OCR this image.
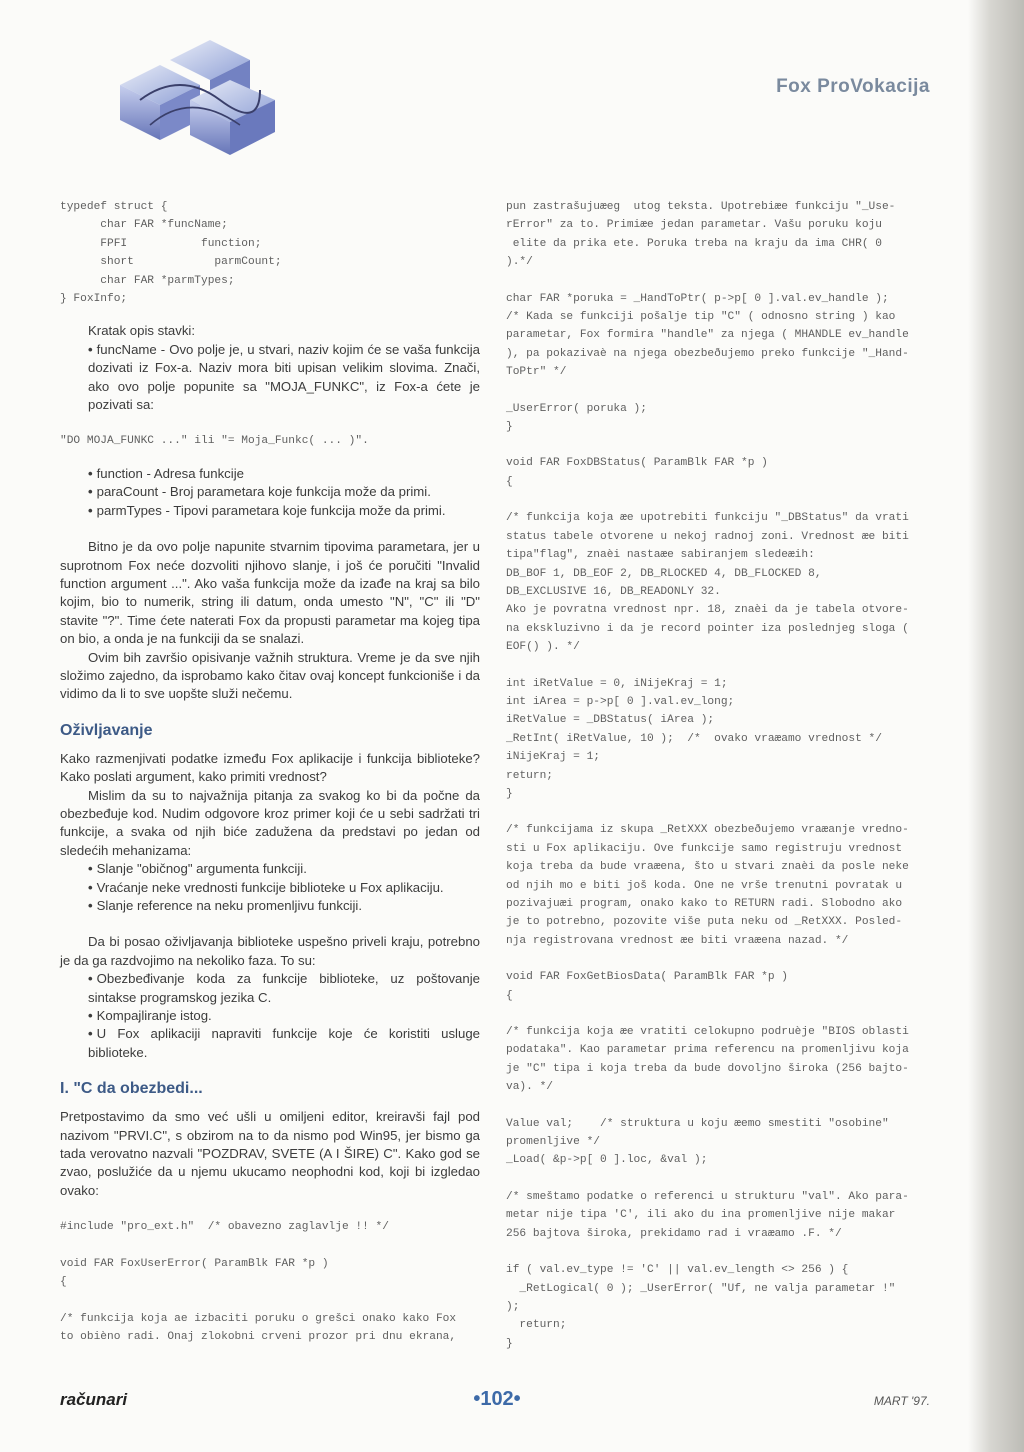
Fox ProVokacija
typedef struct {
char FAR *funcName;
FPFI           function;
short            parmCount;
char FAR *parmTypes;
} FoxInfo;

Kratak opis stavki:

• funcName - Ovo polje je, u stvari, naziv kojim će se vaša funkcija dozivati iz Fox-a. Naziv mora biti upisan velikim slovima. Znači, ako ovo polje popunite sa "MOJA_FUNKC", iz Fox-a ćete je pozivati sa:

"DO MOJA_FUNKC ..." ili "= Moja_Funkc( ... )".

• function - Adresa funkcije

• paraCount - Broj parametara koje funkcija može da primi.

• parmTypes - Tipovi parametara koje funkcija može da primi.

Bitno je da ovo polje napunite stvarnim tipovima parametara, jer u suprotnom Fox neće dozvoliti njihovo slanje, i još će poručiti "Invalid function argument ...". Ako vaša funkcija može da izađe na kraj sa bilo kojim, bio to numerik, string ili datum, onda umesto "N", "C" ili "D" stavite "?". Time ćete naterati Fox da propusti parametar ma kojeg tipa on bio, a onda je na funkciji da se snalazi.

Ovim bih završio opisivanje važnih struktura. Vreme je da sve njih složimo zajedno, da isprobamo kako čitav ovaj koncept funkcioniše i da vidimo da li to sve uopšte služi nečemu.

Oživljavanje

Kako razmenjivati podatke između Fox aplikacije i funkcija biblioteke? Kako poslati argument, kako primiti vrednost?

Mislim da su to najvažnija pitanja za svakog ko bi da počne da obezbeđuje kod. Nudim odgovore kroz primer koji će u sebi sadržati tri funkcije, a svaka od njih biće zadužena da predstavi po jedan od sledećih mehanizama:

• Slanje "običnog" argumenta funkciji.

• Vraćanje neke vrednosti funkcije biblioteke u Fox aplikaciju.

• Slanje reference na neku promenljivu funkciji.

Da bi posao oživljavanja biblioteke uspešno priveli kraju, potrebno je da ga razdvojimo na nekoliko faza. To su:

• Obezbeđivanje koda za funkcije biblioteke, uz poštovanje sintakse programskog jezika C.

• Kompajliranje istog.

• U Fox aplikaciji napraviti funkcije koje će koristiti usluge biblioteke.

I. "C da obezbedi...

Pretpostavimo da smo već ušli u omiljeni editor, kreiravši fajl pod nazivom "PRVI.C", s obzirom na to da nismo pod Win95, jer bismo ga tada verovatno nazvali "POZDRAV, SVETE (A I ŠIRE) C". Kako god se zvao, poslužiće da u njemu ukucamo neophodni kod, koji bi izgledao ovako:

#include "pro_ext.h"  /* obavezno zaglavlje !! */
void FAR FoxUserError( ParamBlk FAR *p )
{
/* funkcija koja ae izbaciti poruku o grešci onako kako Fox
to obièno radi. Onaj zlokobni crveni prozor pri dnu ekrana,
pun zastrašujuæeg  utog teksta. Upotrebiæe funkciju "_Use-
rError" za to. Primiæe jedan parametar. Vašu poruku koju
elite da prika ete. Poruka treba na kraju da ima CHR( 0
).*/
char FAR *poruka = _HandToPtr( p->p[ 0 ].val.ev_handle );
/* Kada se funkciji pošalje tip "C" ( odnosno string ) kao
parametar, Fox formira "handle" za njega ( MHANDLE ev_handle
), pa pokazivaè na njega obezbeðujemo preko funkcije "_Hand-
ToPtr" */
_UserError( poruka );
}
void FAR FoxDBStatus( ParamBlk FAR *p )
{
/* funkcija koja æe upotrebiti funkciju "_DBStatus" da vrati
status tabele otvorene u nekoj radnoj zoni. Vrednost æe biti
tipa"flag", znaèi nastaæe sabiranjem sledeæih:
DB_BOF 1, DB_EOF 2, DB_RLOCKED 4, DB_FLOCKED 8,
DB_EXCLUSIVE 16, DB_READONLY 32.
Ako je povratna vrednost npr. 18, znaèi da je tabela otvore-
na ekskluzivno i da je record pointer iza poslednjeg sloga (
EOF() ). */
int iRetValue = 0, iNijeKraj = 1;
int iArea = p->p[ 0 ].val.ev_long;
iRetValue = _DBStatus( iArea );
_RetInt( iRetValue, 10 );  /*  ovako vraæamo vrednost */
iNijeKraj = 1;
return;
}
/* funkcijama iz skupa _RetXXX obezbeðujemo vraæanje vredno-
sti u Fox aplikaciju. Ove funkcije samo registruju vrednost
koja treba da bude vraæena, što u stvari znaèi da posle neke
od njih mo e biti još koda. One ne vrše trenutni povratak u
pozivajuæi program, onako kako to RETURN radi. Slobodno ako
je to potrebno, pozovite više puta neku od _RetXXX. Posled-
nja registrovana vrednost æe biti vraæena nazad. */
void FAR FoxGetBiosData( ParamBlk FAR *p )
{
/* funkcija koja æe vratiti celokupno podruèje "BIOS oblasti
podataka". Kao parametar prima referencu na promenljivu koja
je "C" tipa i koja treba da bude dovoljno široka (256 bajto-
va). */
Value val;    /* struktura u koju æemo smestiti "osobine"
promenljive */
_Load( &p->p[ 0 ].loc, &val );
/* smeštamo podatke o referenci u strukturu "val". Ako para-
metar nije tipa 'C', ili ako du ina promenljive nije makar
256 bajtova široka, prekidamo rad i vraæamo .F. */
if ( val.ev_type != 'C' || val.ev_length <> 256 ) {
_RetLogical( 0 ); _UserError( "Uf, ne valja parametar !"
);
return;
}
računari	•102•	MART '97.
